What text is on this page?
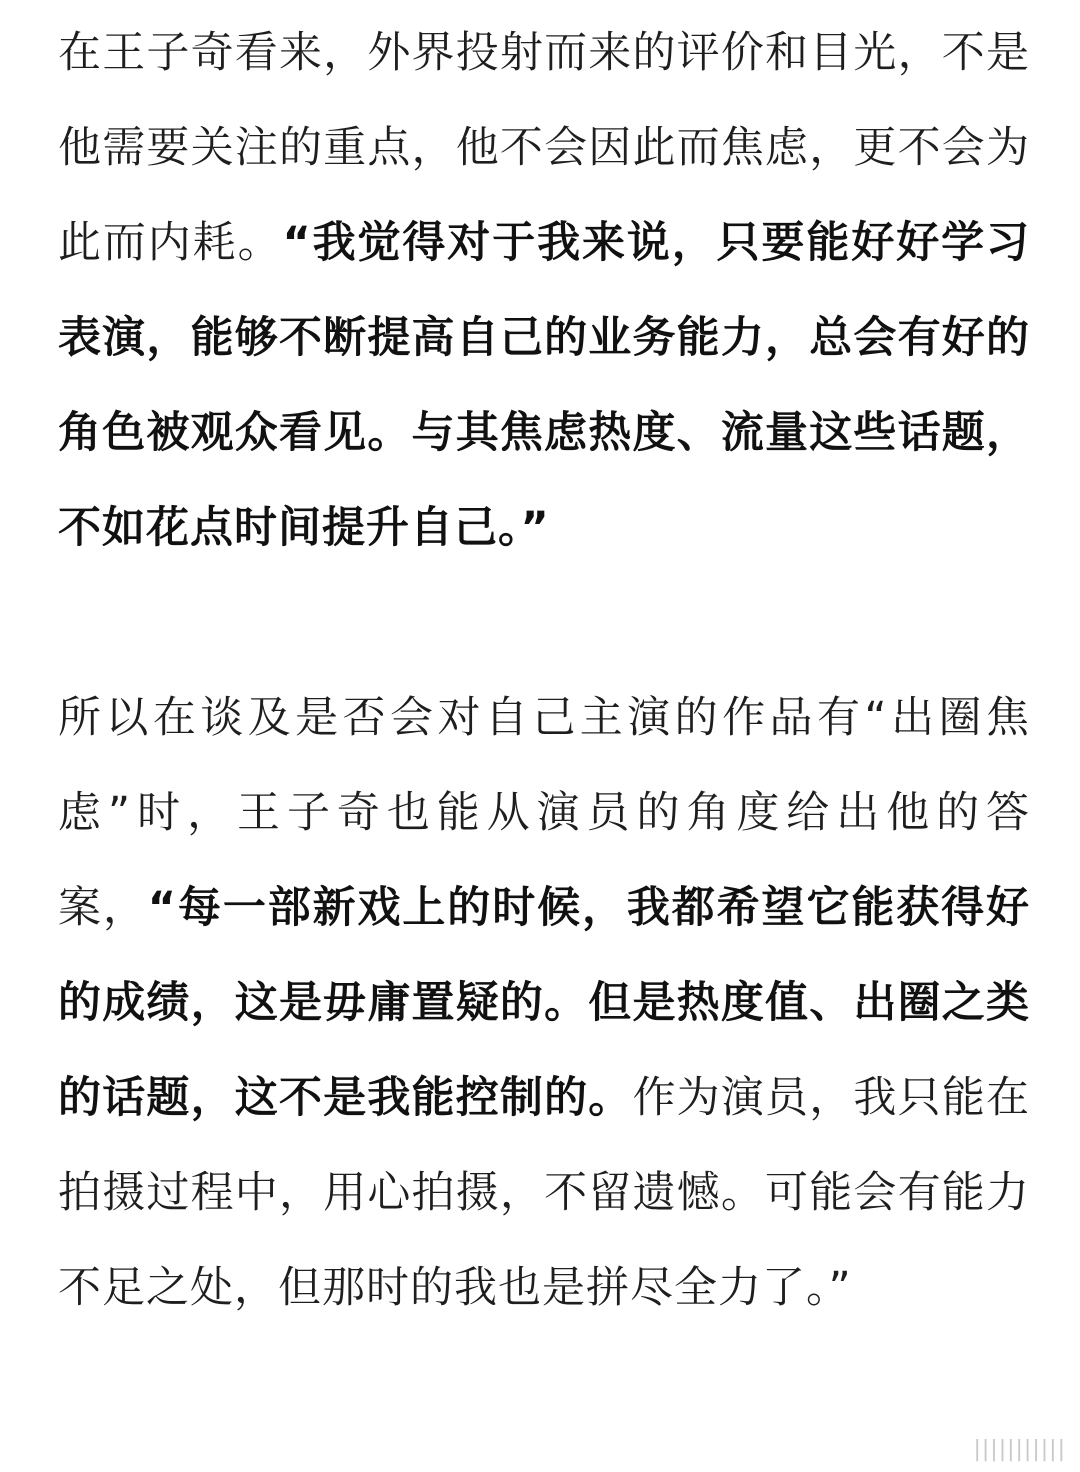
在王子奇看来，外界投射而来的评价和目光，不是他需要关注的重点，他不会因此而焦虑，更不会为此而内耗。“我觉得对于我来说，只要能好好学习表演，能够不断提高自己的业务能力，总会有好的角色被观众看见。与其焦虑热度、流量这些话题，不如花点时间提升自己。”

所以在谈及是否会对自己主演的作品有“出圈焦虑”时，王子奇也能从演员的角度给出他的答案，“每一部新戏上的时候，我都希望它能获得好的成绩，这是毋庸置疑的。但是热度值、出圈之类的话题，这不是我能控制的。作为演员，我只能在拍摄过程中，用心拍摄，不留遗憾。可能会有能力不足之处，但那时的我也是拼尽全力了。”

|||||||||||
